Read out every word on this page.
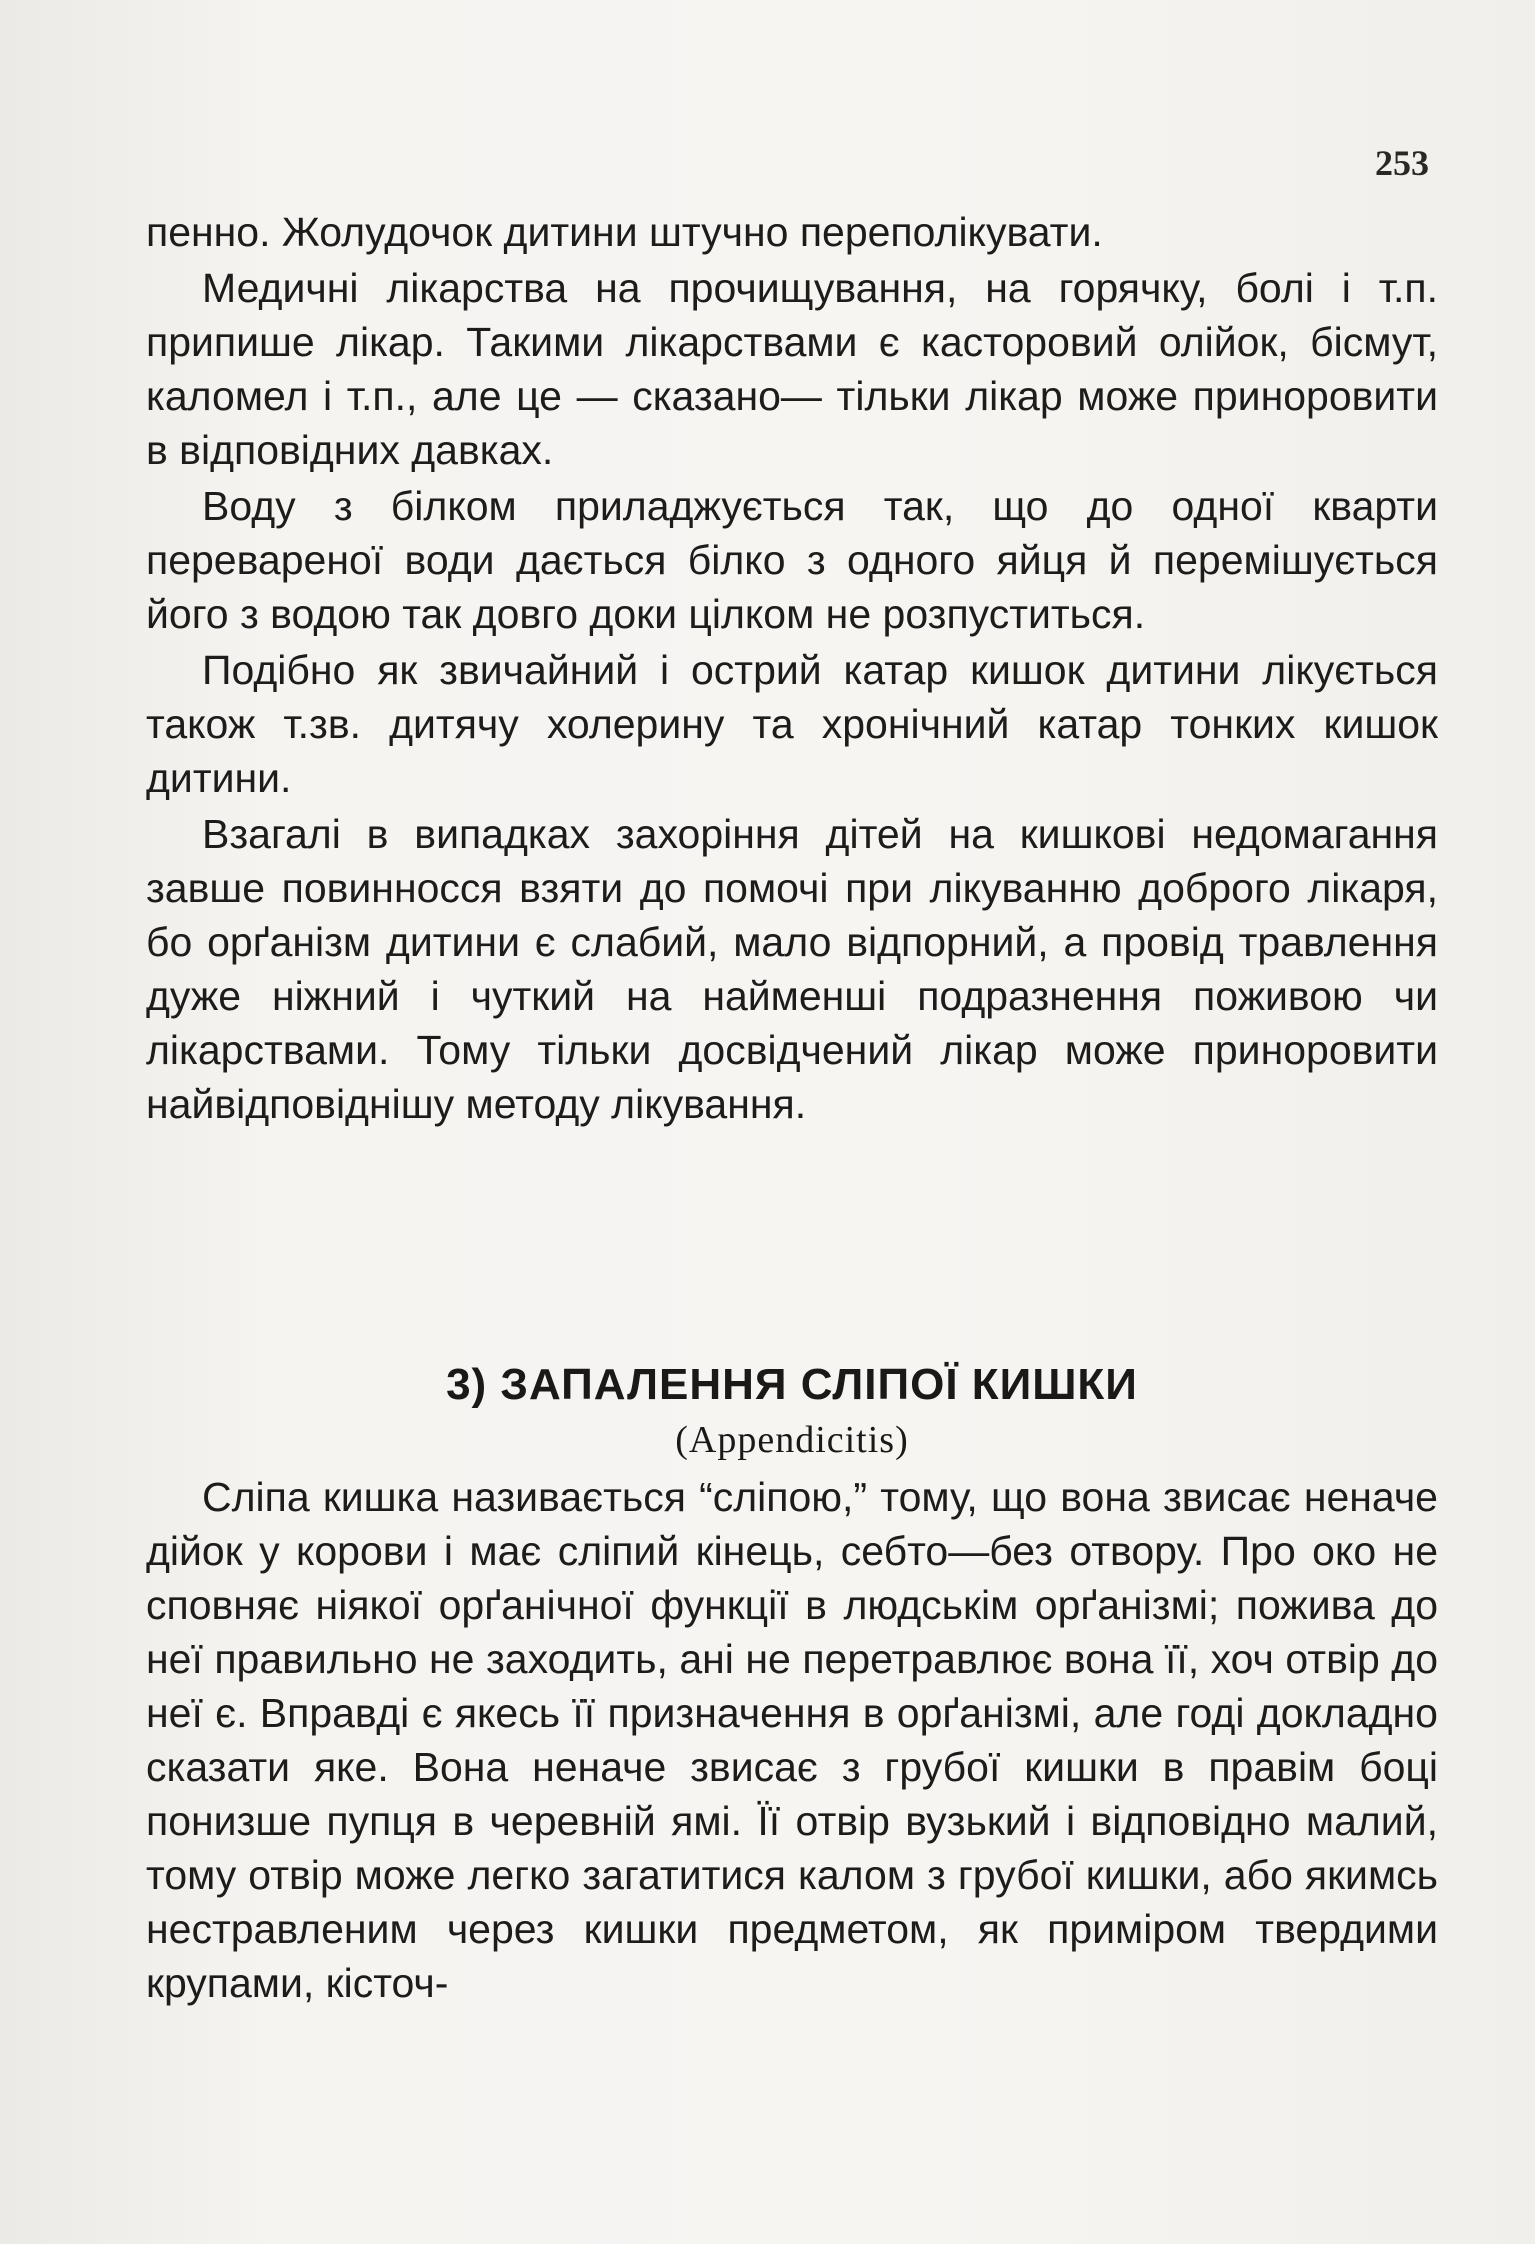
253

пенно. Жолудочок дитини штучно переполікувати.

Медичні лікарства на прочищування, на горячку, болі і т.п. припише лікар. Такими лікарствами є касторовий олійок, бісмут, каломел і т.п., але це — сказано— тільки лікар може приноровити в відповідних давках.

Воду з білком приладжується так, що до одної кварти перевареної води дається білко з одного яйця й перемішується його з водою так довго доки цілком не розпуститься.

Подібно як звичайний і острий катар кишок дитини лікується також т.зв. дитячу холерину та хронічний катар тонких кишок дитини.

Взагалі в випадках захоріння дітей на кишкові недомагання завше повинносся взяти до помочі при лікуванню доброго лікаря, бо орґанізм дитини є слабий, мало відпорний, а провід травлення дуже ніжний і чуткий на найменші подразнення поживою чи лікарствами. Тому тільки досвідчений лікар може приноровити найвідповіднішу методу лікування.

3) ЗАПАЛЕННЯ СЛІПОЇ КИШКИ
(Appendicitis)

Сліпа кишка називається “сліпою,” тому, що вона звисає неначе дійок у корови і має сліпий кінець, себто—без отвору. Про око не сповняє ніякої орґанічної функції в людськім орґанізмі; пожива до неї правильно не заходить, ані не перетравлює вона її, хоч отвір до неї є. Вправді є якесь її призначення в орґанізмі, але годі докладно сказати яке. Вона неначе звисає з грубої кишки в правім боці понизше пупця в черевній ямі. Її отвір вузький і відповідно малий, тому отвір може легко загатитися калом з грубої кишки, або якимсь нестравленим через кишки предметом, як приміром твердими крупами, кісточ-
